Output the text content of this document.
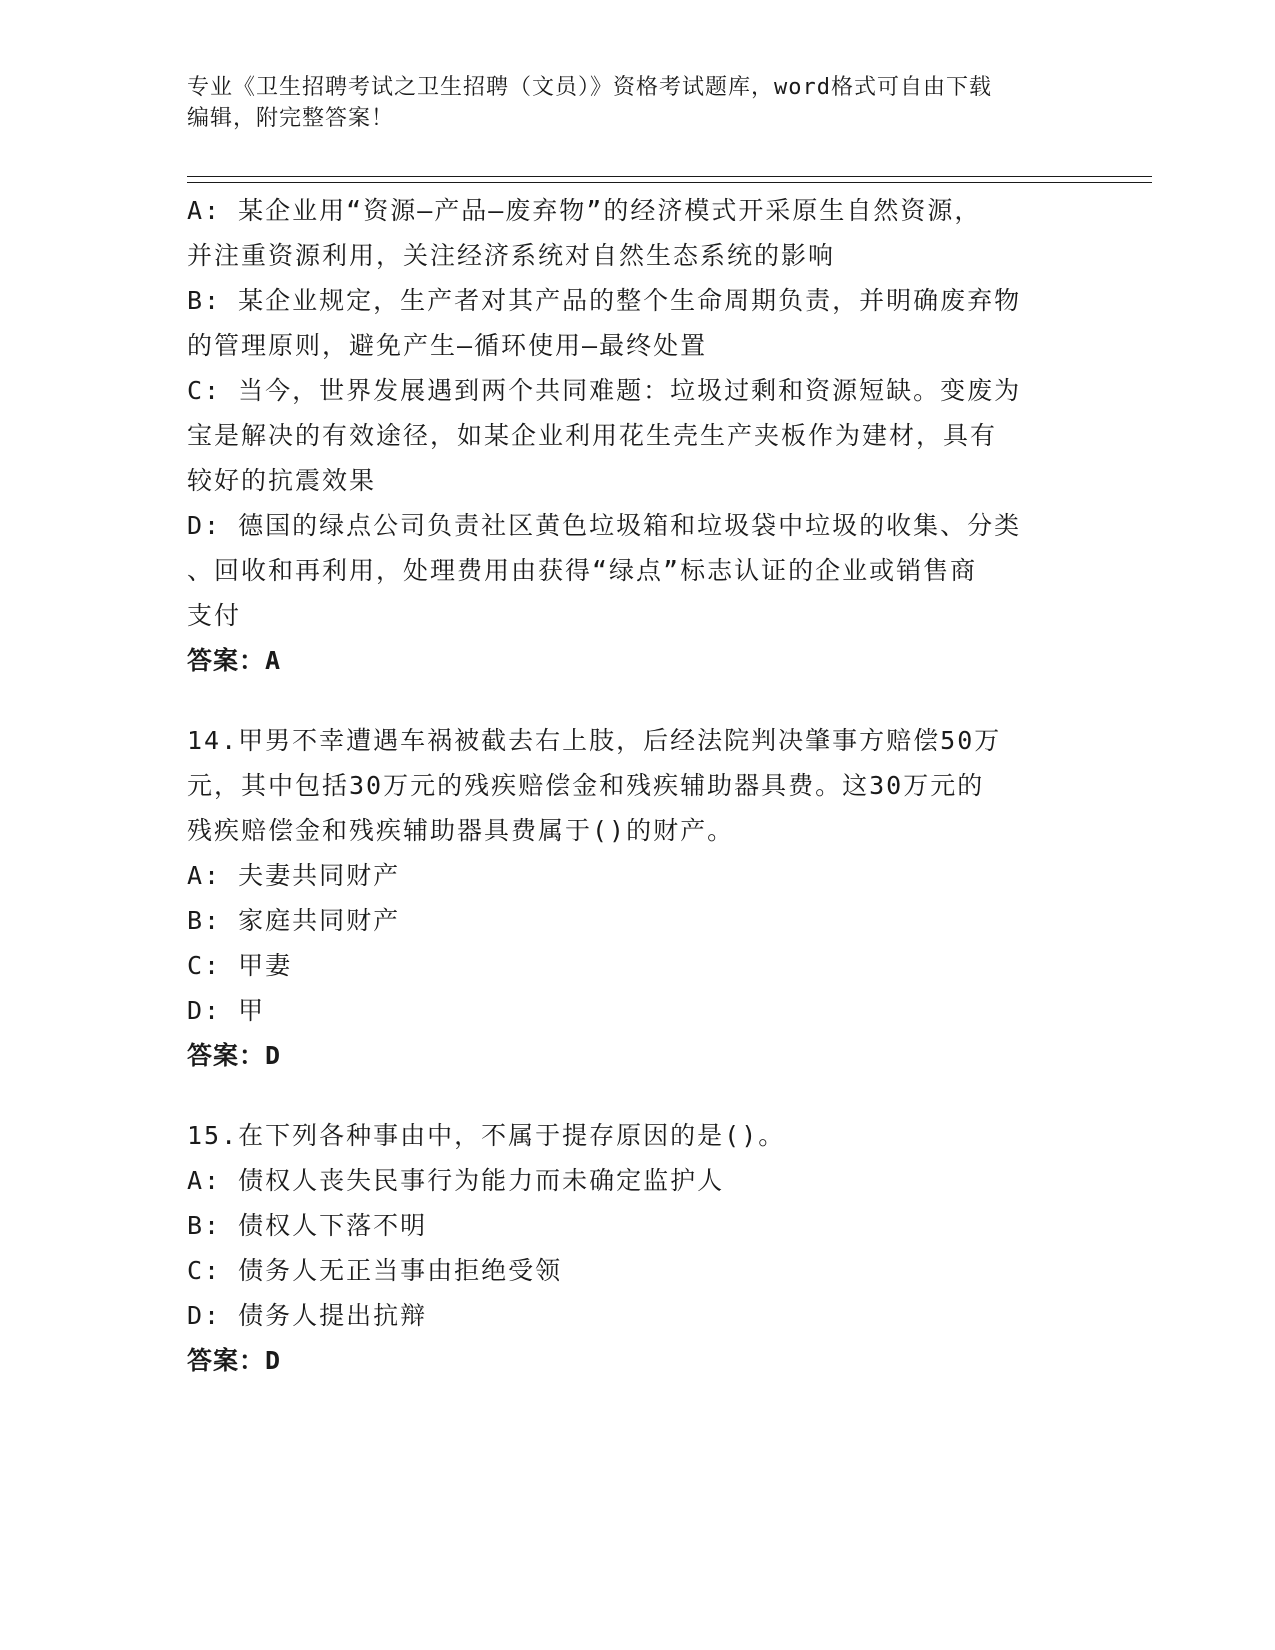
专业《卫生招聘考试之卫生招聘（文员）》资格考试题库，word格式可自由下载
编辑，附完整答案！
A: 某企业用“资源—产品—废弃物”的经济模式开采原生自然资源，
并注重资源利用，关注经济系统对自然生态系统的影响
B: 某企业规定，生产者对其产品的整个生命周期负责，并明确废弃物
的管理原则，避免产生—循环使用—最终处置
C: 当今，世界发展遇到两个共同难题：垃圾过剩和资源短缺。变废为
宝是解决的有效途径，如某企业利用花生壳生产夹板作为建材，具有
较好的抗震效果
D: 德国的绿点公司负责社区黄色垃圾箱和垃圾袋中垃圾的收集、分类
、回收和再利用，处理费用由获得“绿点”标志认证的企业或销售商
支付
答案：A
14.甲男不幸遭遇车祸被截去右上肢，后经法院判决肇事方赔偿50万
元，其中包括30万元的残疾赔偿金和残疾辅助器具费。这30万元的
残疾赔偿金和残疾辅助器具费属于()的财产。
A: 夫妻共同财产
B: 家庭共同财产
C: 甲妻
D: 甲
答案：D
15.在下列各种事由中，不属于提存原因的是()。
A: 债权人丧失民事行为能力而未确定监护人
B: 债权人下落不明
C: 债务人无正当事由拒绝受领
D: 债务人提出抗辩
答案：D
